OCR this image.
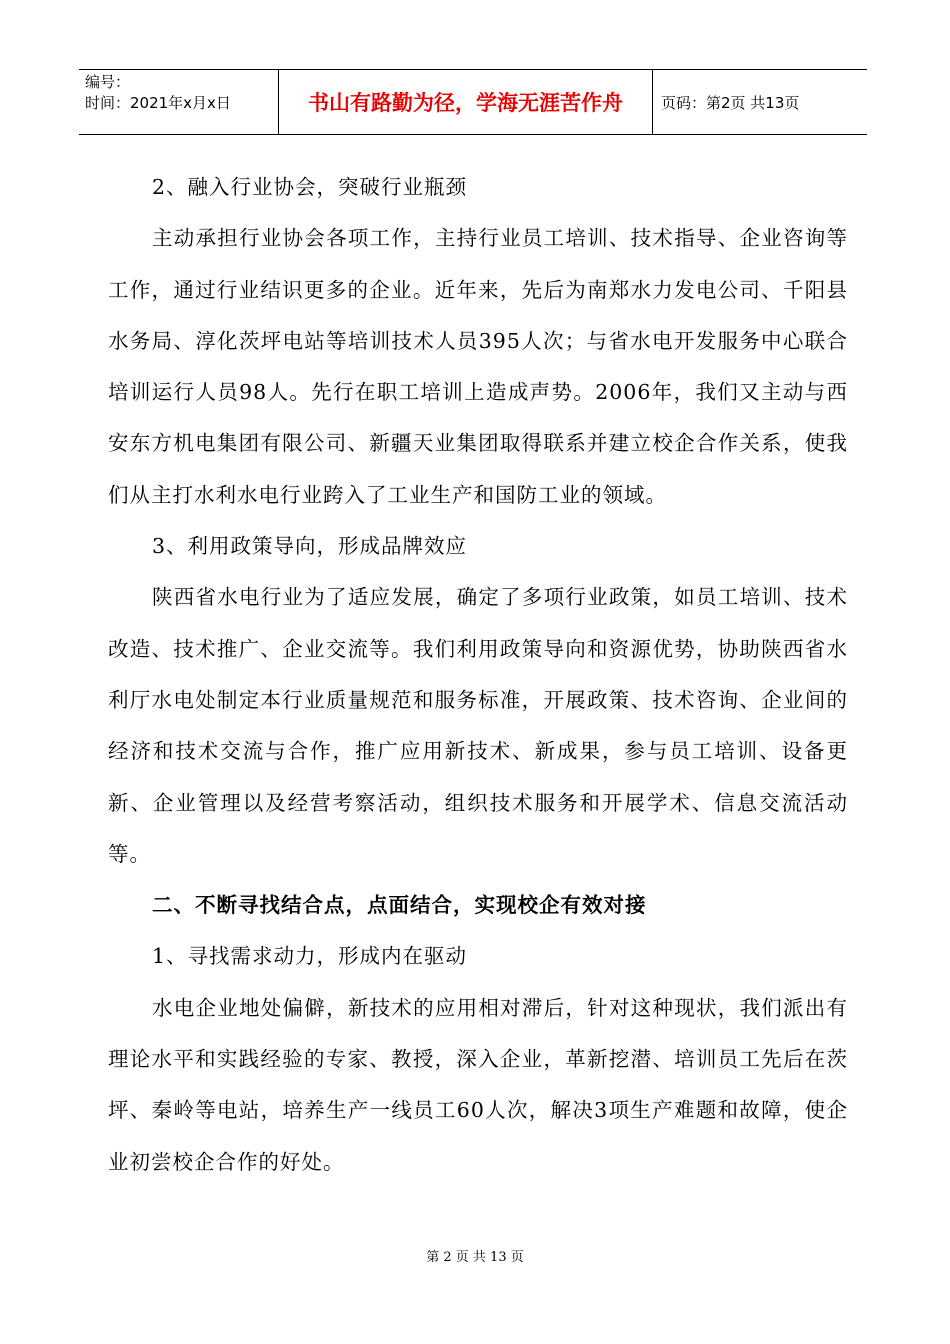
编号：
时间：2021年x月x日	书山有路勤为径，学海无涯苦作舟	页码：第2页 共13页

2、融入行业协会，突破行业瓶颈

主动承担行业协会各项工作，主持行业员工培训、技术指导、企业咨询等工作，通过行业结识更多的企业。近年来，先后为南郑水力发电公司、千阳县水务局、淳化茨坪电站等培训技术人员395人次；与省水电开发服务中心联合培训运行人员98人。先行在职工培训上造成声势。2006年，我们又主动与西安东方机电集团有限公司、新疆天业集团取得联系并建立校企合作关系，使我们从主打水利水电行业跨入了工业生产和国防工业的领域。

3、利用政策导向，形成品牌效应

陕西省水电行业为了适应发展，确定了多项行业政策，如员工培训、技术改造、技术推广、企业交流等。我们利用政策导向和资源优势，协助陕西省水利厅水电处制定本行业质量规范和服务标准，开展政策、技术咨询、企业间的经济和技术交流与合作，推广应用新技术、新成果，参与员工培训、设备更新、企业管理以及经营考察活动，组织技术服务和开展学术、信息交流活动等。

二、不断寻找结合点，点面结合，实现校企有效对接

1、寻找需求动力，形成内在驱动

水电企业地处偏僻，新技术的应用相对滞后，针对这种现状，我们派出有理论水平和实践经验的专家、教授，深入企业，革新挖潜、培训员工先后在茨坪、秦岭等电站，培养生产一线员工60人次，解决3项生产难题和故障，使企业初尝校企合作的好处。

第 2 页 共 13 页
